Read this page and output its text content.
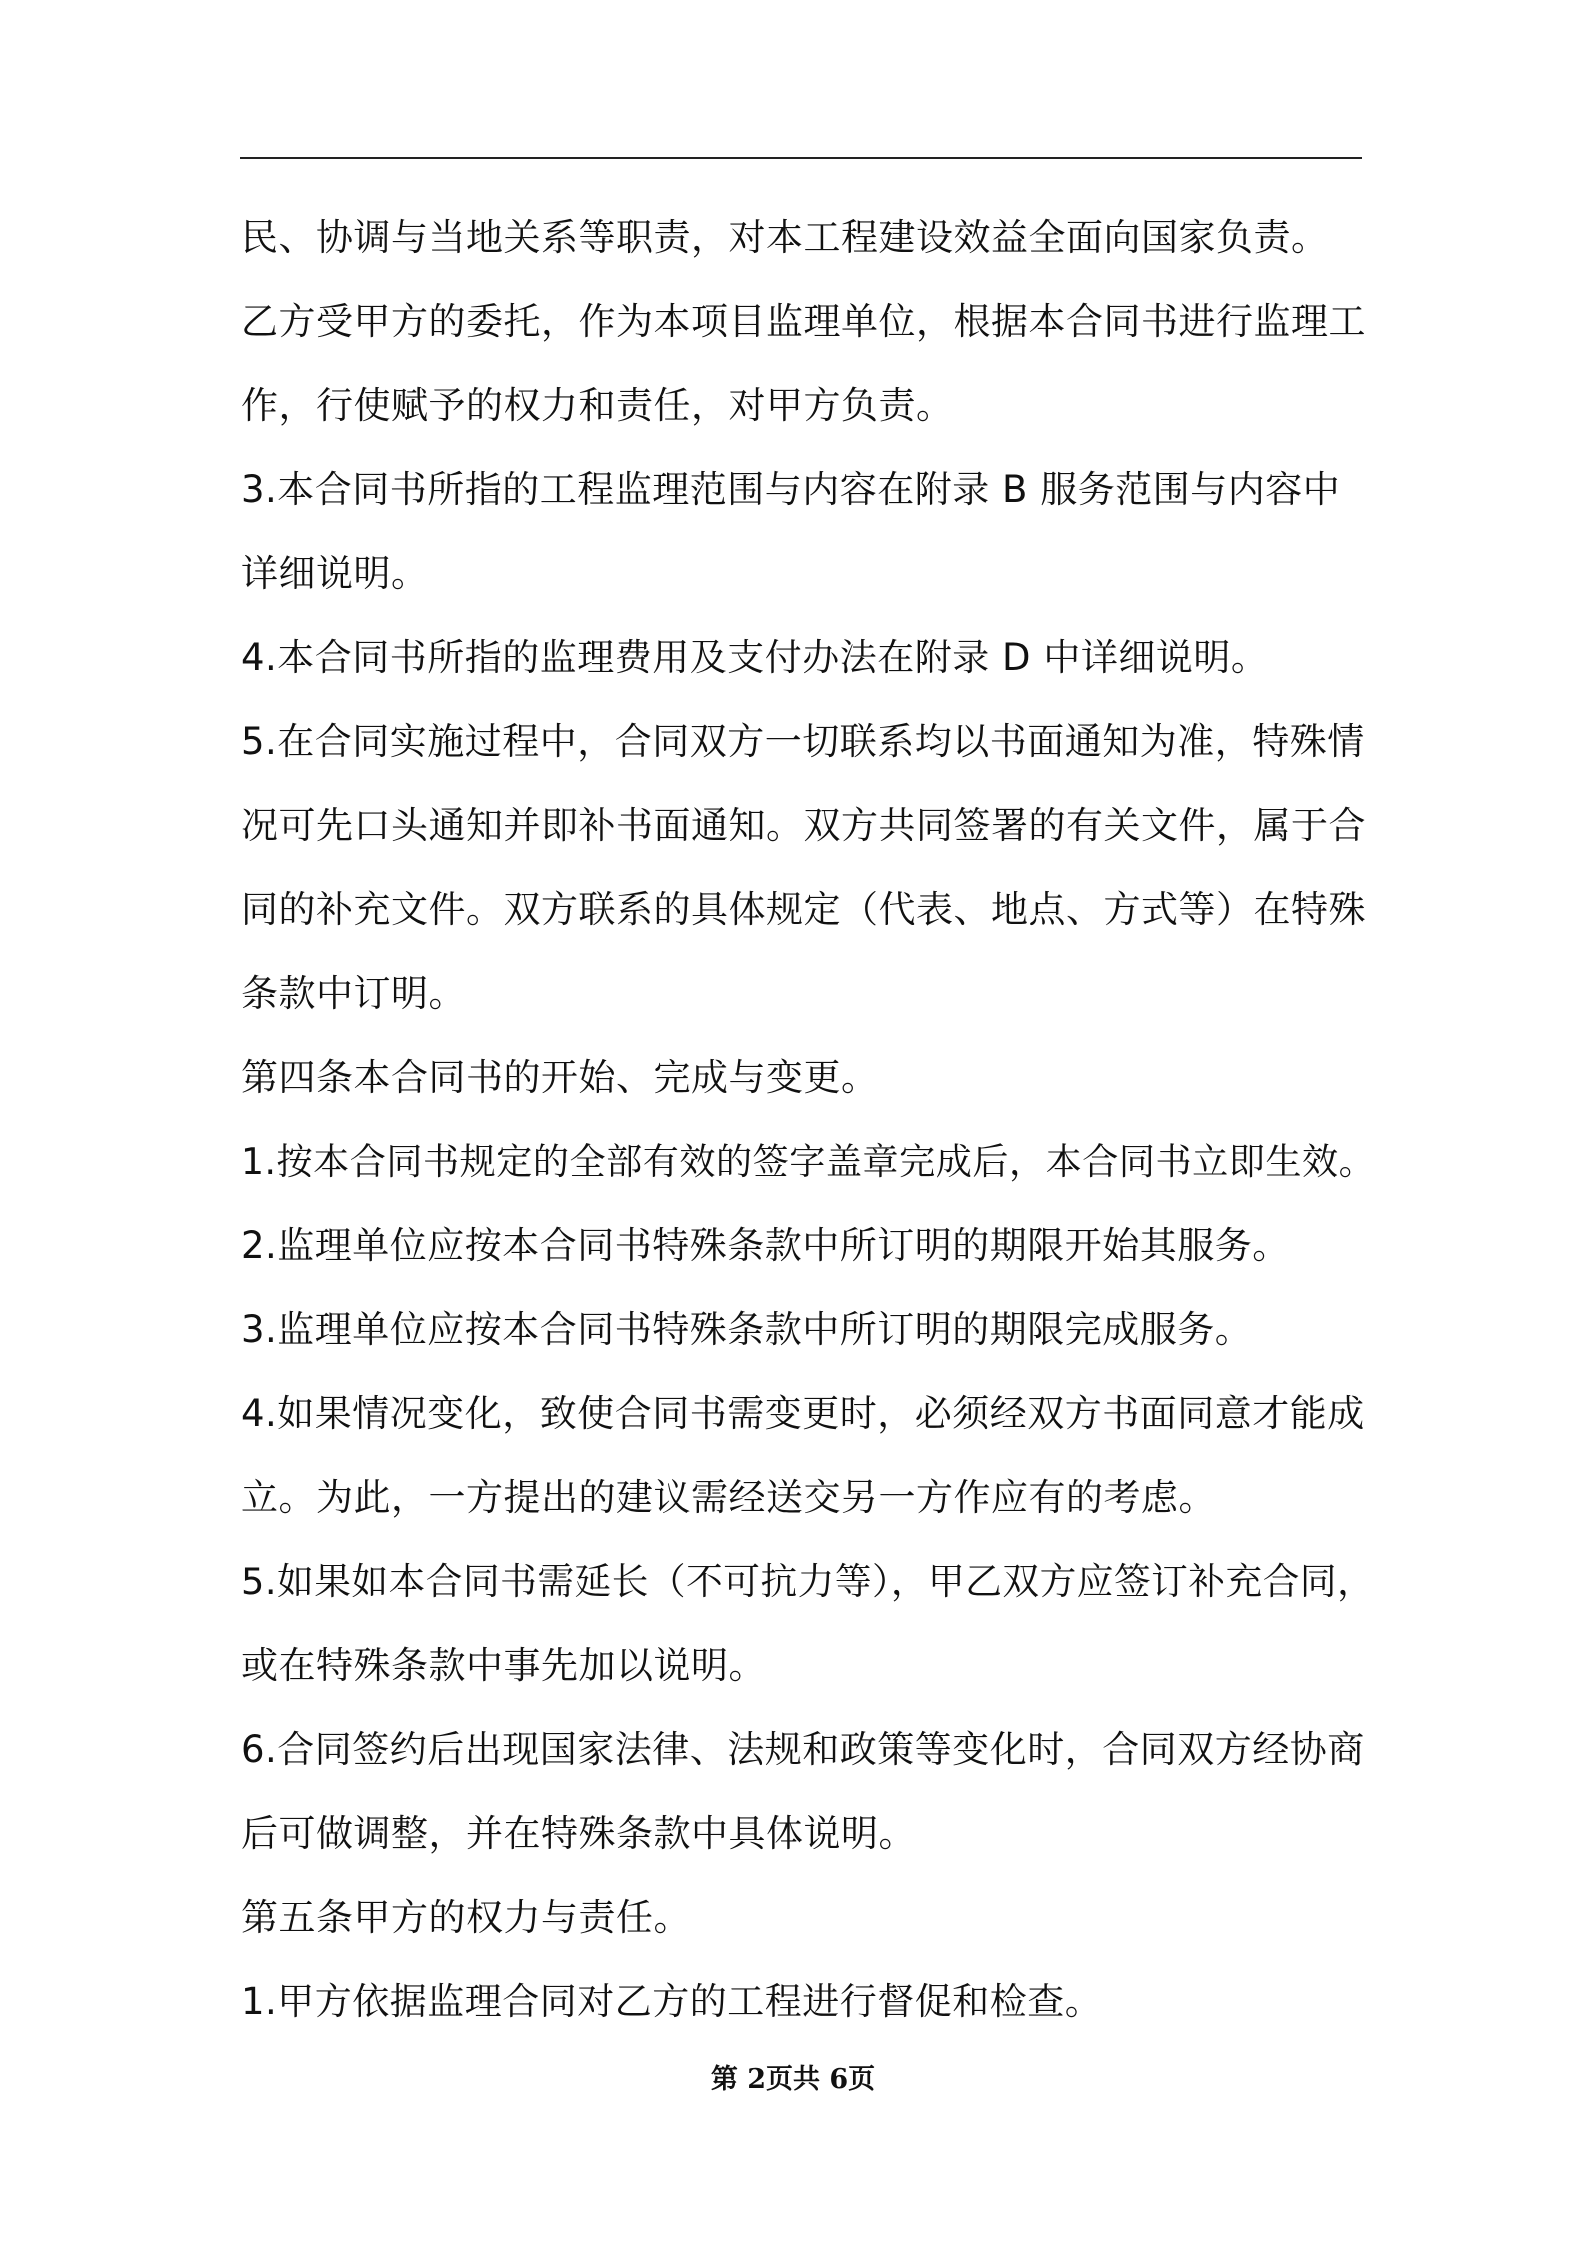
民、协调与当地关系等职责，对本工程建设效益全面向国家负责。
乙方受甲方的委托，作为本项目监理单位，根据本合同书进行监理工
作，行使赋予的权力和责任，对甲方负责。
3.本合同书所指的工程监理范围与内容在附录 B 服务范围与内容中
详细说明。
4.本合同书所指的监理费用及支付办法在附录 D 中详细说明。
5.在合同实施过程中，合同双方一切联系均以书面通知为准，特殊情
况可先口头通知并即补书面通知。双方共同签署的有关文件，属于合
同的补充文件。双方联系的具体规定（代表、地点、方式等）在特殊
条款中订明。
第四条本合同书的开始、完成与变更。
1.按本合同书规定的全部有效的签字盖章完成后，本合同书立即生效。
2.监理单位应按本合同书特殊条款中所订明的期限开始其服务。
3.监理单位应按本合同书特殊条款中所订明的期限完成服务。
4.如果情况变化，致使合同书需变更时，必须经双方书面同意才能成
立。为此，一方提出的建议需经送交另一方作应有的考虑。
5.如果如本合同书需延长（不可抗力等），甲乙双方应签订补充合同，
或在特殊条款中事先加以说明。
6.合同签约后出现国家法律、法规和政策等变化时，合同双方经协商
后可做调整，并在特殊条款中具体说明。
第五条甲方的权力与责任。
1.甲方依据监理合同对乙方的工程进行督促和检查。
第 2页共 6页
